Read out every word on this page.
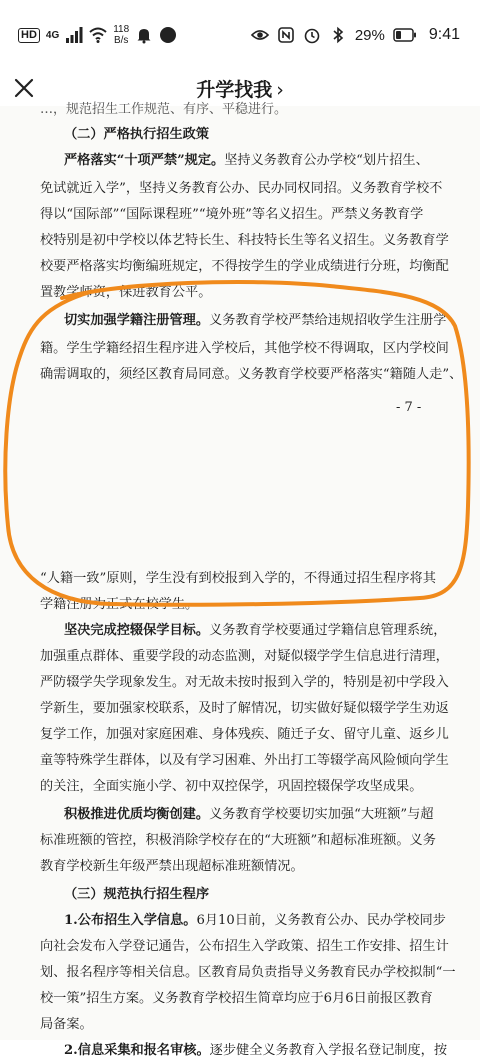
HD 4G	118
B/s	29%	9:41
升学找我 ›
…，规范招生工作规范、有序、平稳进行。
（二）严格执行招生政策
严格落实“十项严禁”规定。坚持义务教育公办学校“划片招生、
免试就近入学”，坚持义务教育公办、民办同权同招。义务教育学校不
得以“国际部”“国际课程班”“境外班”等名义招生。严禁义务教育学
校特别是初中学校以体艺特长生、科技特长生等名义招生。义务教育学
校要严格落实均衡编班规定，不得按学生的学业成绩进行分班，均衡配
置教学师资，保进教育公平。
切实加强学籍注册管理。义务教育学校严禁给违规招收学生注册学
籍。学生学籍经招生程序进入学校后，其他学校不得调取，区内学校间
确需调取的，须经区教育局同意。义务教育学校要严格落实“籍随人走”、
“人籍一致”原则，学生没有到校报到入学的，不得通过招生程序将其
学籍注册为正式在校学生。
坚决完成控辍保学目标。义务教育学校要通过学籍信息管理系统，
加强重点群体、重要学段的动态监测，对疑似辍学学生信息进行清理，
严防辍学失学现象发生。对无故未按时报到入学的，特别是初中学段入
学新生，要加强家校联系，及时了解情况，切实做好疑似辍学学生劝返
复学工作，加强对家庭困难、身体残疾、随迁子女、留守儿童、返乡儿
童等特殊学生群体，以及有学习困难、外出打工等辍学高风险倾向学生
的关注，全面实施小学、初中双控保学，巩固控辍保学攻坚成果。
积极推进优质均衡创建。义务教育学校要切实加强“大班额”与超
标准班额的管控，积极消除学校存在的“大班额”和超标准班额。义务
教育学校新生年级严禁出现超标准班额情况。
（三）规范执行招生程序
1.公布招生入学信息。6月10日前，义务教育公办、民办学校同步
向社会发布入学登记通告，公布招生入学政策、招生工作安排、招生计
划、报名程序等相关信息。区教育局负责指导义务教育民办学校拟制“一
校一策”招生方案。义务教育学校招生简章均应于6月6日前报区教育
局备案。
2.信息采集和报名审核。逐步健全义务教育入学报名登记制度，按
- 7 -
